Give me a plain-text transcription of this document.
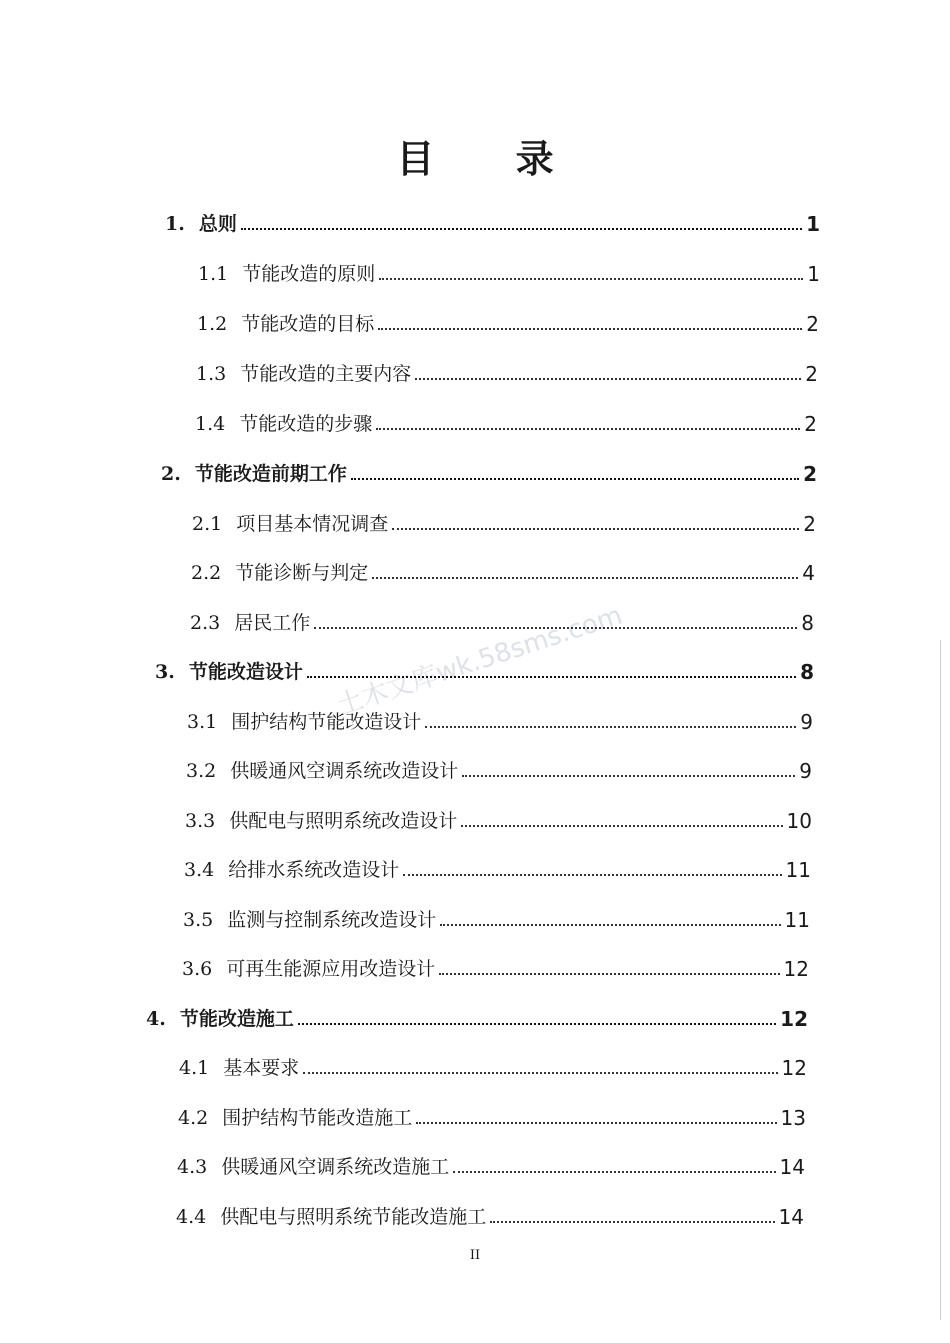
目 录
土木文库wk.58sms.com
1. 总则	1
1.1 节能改造的原则	1
1.2 节能改造的目标	2
1.3 节能改造的主要内容	2
1.4 节能改造的步骤	2
2. 节能改造前期工作	2
2.1 项目基本情况调查	2
2.2 节能诊断与判定	4
2.3 居民工作	8
3. 节能改造设计	8
3.1 围护结构节能改造设计	9
3.2 供暖通风空调系统改造设计	9
3.3 供配电与照明系统改造设计	10
3.4 给排水系统改造设计	11
3.5 监测与控制系统改造设计	11
3.6 可再生能源应用改造设计	12
4. 节能改造施工	12
4.1 基本要求	12
4.2 围护结构节能改造施工	13
4.3 供暖通风空调系统改造施工	14
4.4 供配电与照明系统节能改造施工	14
II
